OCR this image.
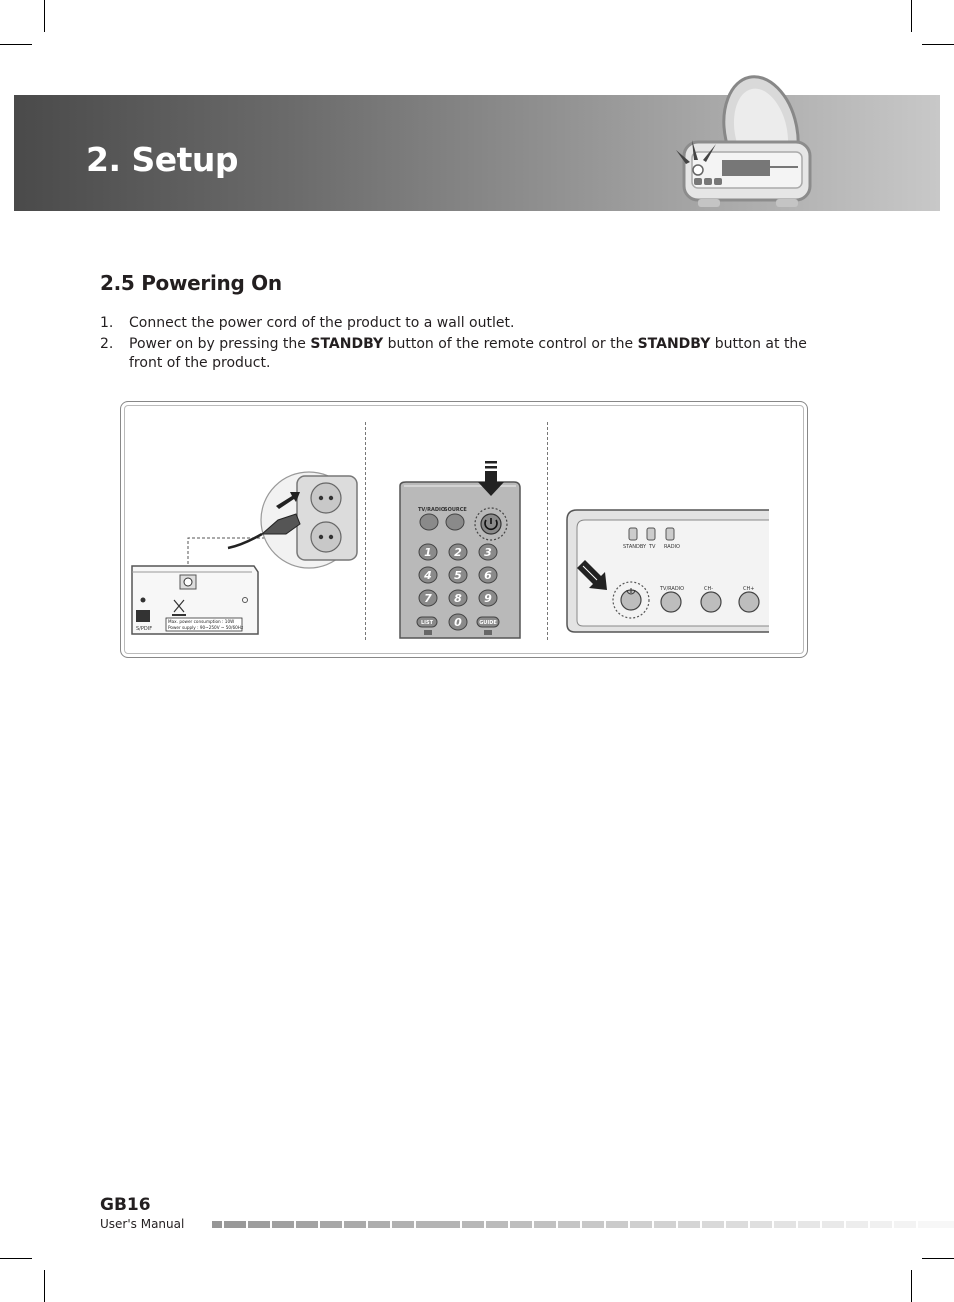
2. Setup
2.5 Powering On
1. Connect the power cord of the product to a wall outlet.
2. Power on by pressing the STANDBY button of the remote control or the STANDBY button at the front of the product.
S/PDIF
Max. power consumption : 10W
Power supply : 90~250V ~ 50/60Hz
TV/RADIO
SOURCE
1 2 3
4 5 6
7 8 9
0
LIST	GUIDE
STANDBY TV RADIO
TV/RADIO	CH-	CH+
GB16
User's Manual
